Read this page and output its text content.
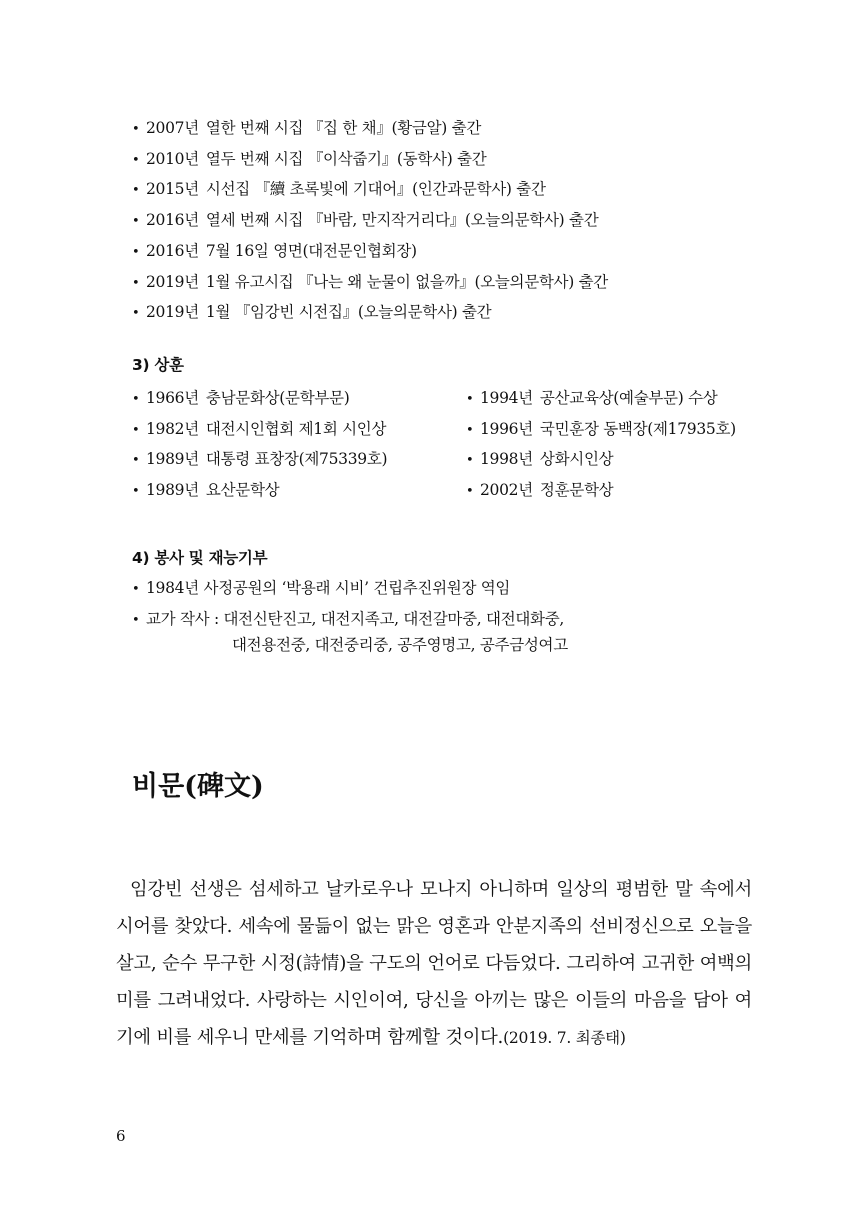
• 2007년 열한 번째 시집 『집 한 채』(황금알) 출간
• 2010년 열두 번째 시집 『이삭줍기』(동학사) 출간
• 2015년 시선집 『續 초록빛에 기대어』(인간과문학사) 출간
• 2016년 열세 번째 시집 『바람, 만지작거리다』(오늘의문학사) 출간
• 2016년 7월 16일 영면(대전문인협회장)
• 2019년 1월 유고시집 『나는 왜 눈물이 없을까』(오늘의문학사) 출간
• 2019년 1월 『임강빈 시전집』(오늘의문학사) 출간
3) 상훈
• 1966년 충남문화상(문학부문)
• 1982년 대전시인협회 제1회 시인상
• 1989년 대통령 표창장(제75339호)
• 1989년 요산문학상
• 1994년 공산교육상(예술부문) 수상
• 1996년 국민훈장 동백장(제17935호)
• 1998년 상화시인상
• 2002년 정훈문학상
4) 봉사 및 재능기부
• 1984년 사정공원의 ‘박용래 시비’ 건립추진위원장 역임
• 교가 작사 : 대전신탄진고, 대전지족고, 대전갈마중, 대전대화중,
대전용전중, 대전중리중, 공주영명고, 공주금성여고
비문(碑文)

임강빈 선생은 섬세하고 날카로우나 모나지 아니하며 일상의 평범한 말 속에서 시어를 찾았다. 세속에 물듦이 없는 맑은 영혼과 안분지족의 선비정신으로 오늘을 살고, 순수 무구한 시정(詩情)을 구도의 언어로 다듬었다. 그리하여 고귀한 여백의 미를 그려내었다. 사랑하는 시인이여, 당신을 아끼는 많은 이들의 마음을 담아 여기에 비를 세우니 만세를 기억하며 함께할 것이다.(2019. 7. 최종태)

6
